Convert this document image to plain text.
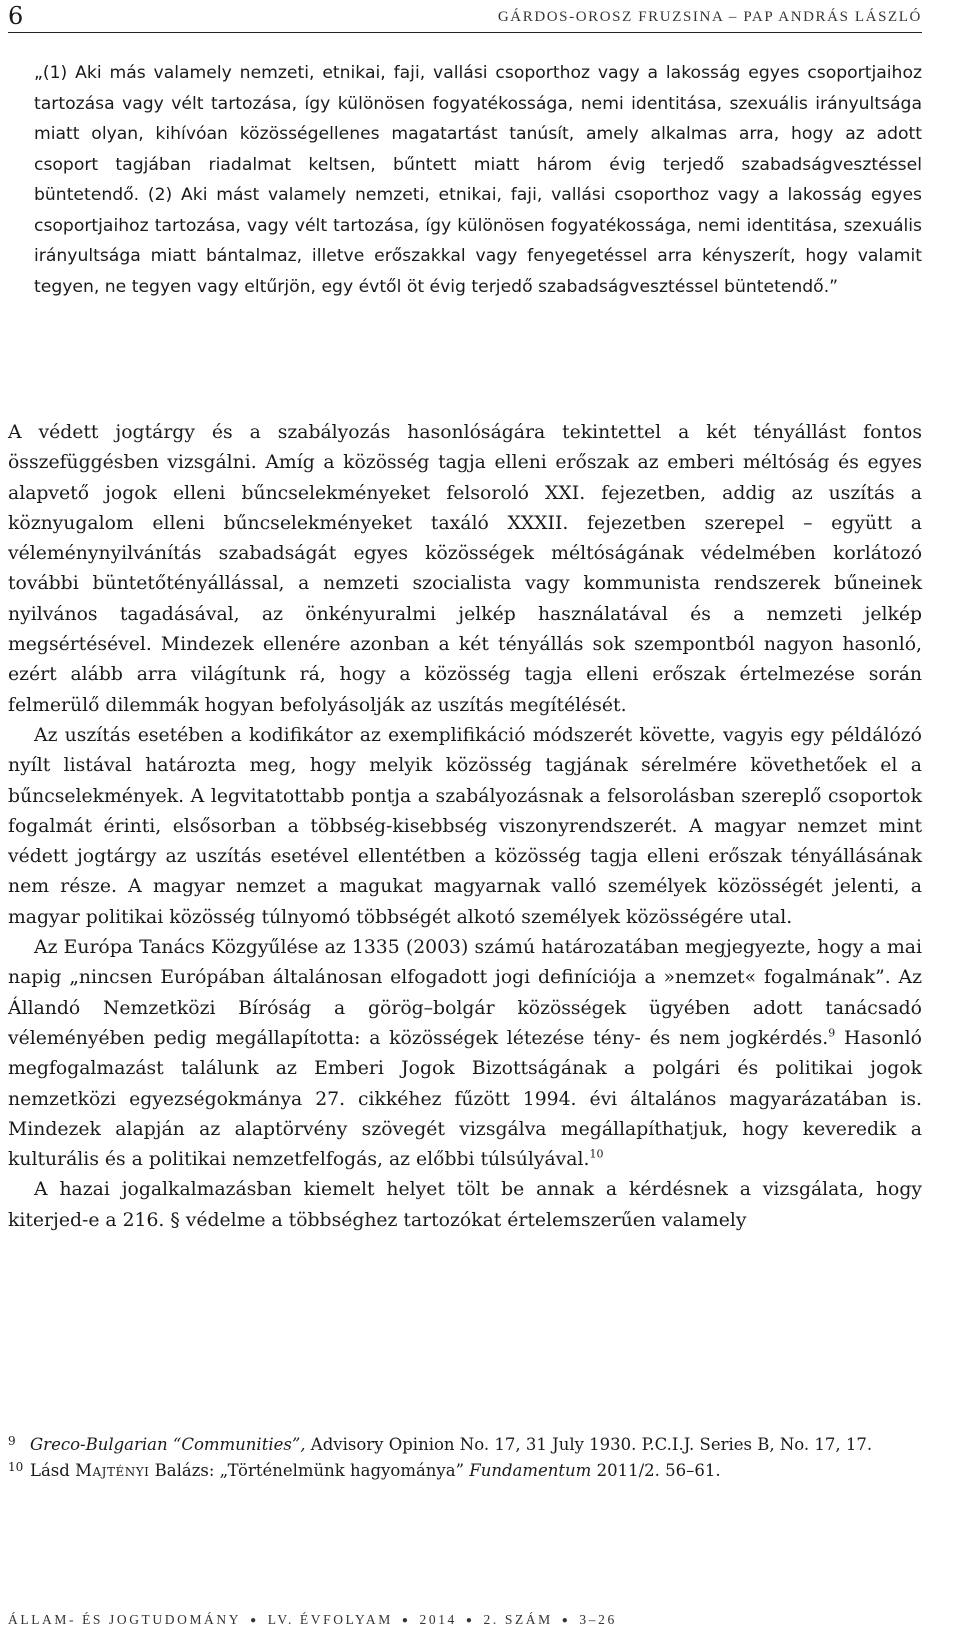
6	GÁRDOS-OROSZ FRUZSINA – PAP ANDRÁS LÁSZLÓ

„(1) Aki más valamely nemzeti, etnikai, faji, vallási csoporthoz vagy a lakosság egyes csoportjaihoz tartozása vagy vélt tartozása, így különösen fogyatékossága, nemi identitása, szexuális irányultsága miatt olyan, kihívóan közösségellenes magatartást tanúsít, amely alkalmas arra, hogy az adott csoport tagjában riadalmat keltsen, bűntett miatt három évig terjedő szabadságvesztéssel büntetendő. (2) Aki mást valamely nemzeti, etnikai, faji, vallási csoporthoz vagy a lakosság egyes csoportjaihoz tartozása, vagy vélt tartozása, így különösen fogyatékossága, nemi identitása, szexuális irányultsága miatt bántalmaz, illetve erőszakkal vagy fenyegetéssel arra kényszerít, hogy valamit tegyen, ne tegyen vagy eltűrjön, egy évtől öt évig terjedő szabadságvesztéssel büntetendő.”

A védett jogtárgy és a szabályozás hasonlóságára tekintettel a két tényállást fontos összefüggésben vizsgálni. Amíg a közösség tagja elleni erőszak az emberi méltóság és egyes alapvető jogok elleni bűncselekményeket felsoroló XXI. fejezetben, addig az uszítás a köznyugalom elleni bűncselekményeket taxáló XXXII. fejezetben szerepel – együtt a véleménynyilvánítás szabadságát egyes közösségek méltóságának védelmében korlátozó további büntetőtényállással, a nemzeti szocialista vagy kommunista rendszerek bűneinek nyilvános tagadásával, az önkényuralmi jelkép használatával és a nemzeti jelkép megsértésével. Mindezek ellenére azonban a két tényállás sok szempontból nagyon hasonló, ezért alább arra világítunk rá, hogy a közösség tagja elleni erőszak értelmezése során felmerülő dilemmák hogyan befolyásolják az uszítás megítélését.

Az uszítás esetében a kodifikátor az exemplifikáció módszerét követte, vagyis egy példálózó nyílt listával határozta meg, hogy melyik közösség tagjának sérelmére követhetőek el a bűncselekmények. A legvitatottabb pontja a szabályozásnak a felsorolásban szereplő csoportok fogalmát érinti, elsősorban a többség-kisebbség viszonyrendszerét. A magyar nemzet mint védett jogtárgy az uszítás esetével ellentétben a közösség tagja elleni erőszak tényállásának nem része. A magyar nemzet a magukat magyarnak valló személyek közösségét jelenti, a magyar politikai közösség túlnyomó többségét alkotó személyek közösségére utal.

Az Európa Tanács Közgyűlése az 1335 (2003) számú határozatában megjegyezte, hogy a mai napig „nincsen Európában általánosan elfogadott jogi definíciója a »nemzet« fogalmának”. Az Állandó Nemzetközi Bíróság a görög–bolgár közösségek ügyében adott tanácsadó véleményében pedig megállapította: a közösségek létezése tény- és nem jogkérdés.$^9$ Hasonló megfogalmazást találunk az Emberi Jogok Bizottságának a polgári és politikai jogok nemzetközi egyezségokmánya 27. cikkéhez fűzött 1994. évi általános magyarázatában is. Mindezek alapján az alaptörvény szövegét vizsgálva megállapíthatjuk, hogy keveredik a kulturális és a politikai nemzetfelfogás, az előbbi túlsúlyával.$^{10}$

A hazai jogalkalmazásban kiemelt helyet tölt be annak a kérdésnek a vizsgálata, hogy kiterjed-e a 216. § védelme a többséghez tartozókat értelemszerűen valamely

9 Greco-Bulgarian “Communities”, Advisory Opinion No. 17, 31 July 1930. P.C.I.J. Series B, No. 17, 17.

10 Lásd Majtényi Balázs: „Történelmünk hagyománya” Fundamentum 2011/2. 56–61.

ÁLLAM- ÉS JOGTUDOMÁNY ● LV. ÉVFOLYAM ● 2014 ● 2. SZÁM ● 3–26
